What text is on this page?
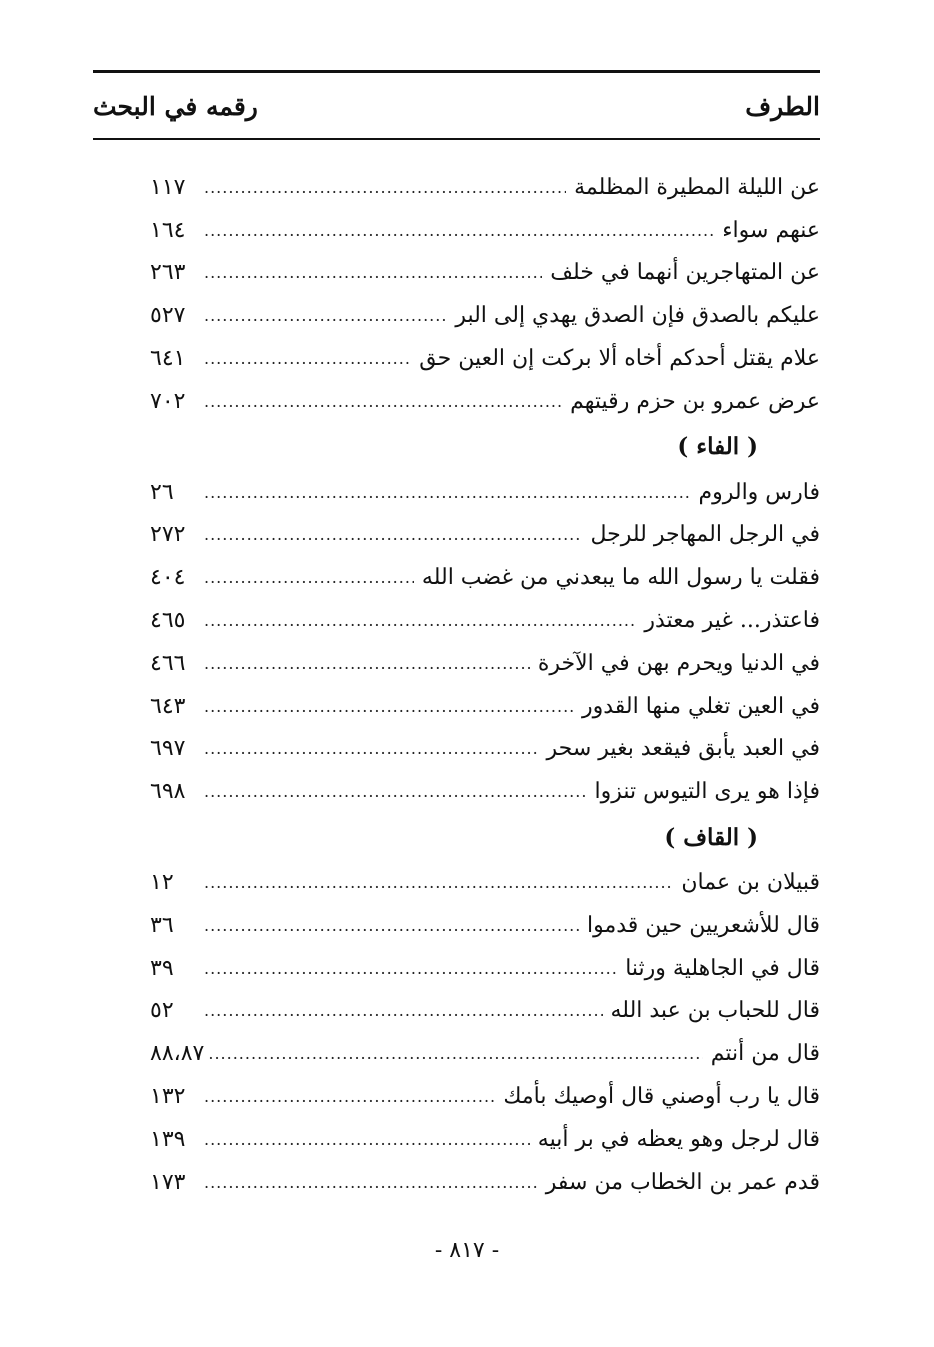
الطرف
رقمه في البحث
عن الليلة المطيرة المظلمة
.....
١١٧
عنهم سواء
.....
١٦٤
عن المتهاجرين أنهما في خلف
.....
٢٦٣
عليكم بالصدق فإن الصدق يهدي إلى البر
.....
٥٢٧
علام يقتل أحدكم أخاه ألا بركت إن العين حق
.....
٦٤١
عرض عمرو بن حزم رقيتهم
.....
٧٠٢
( الفاء )
فارس والروم
.....
٢٦
في الرجل المهاجر للرجل
.....
٢٧٢
فقلت يا رسول الله ما يبعدني من غضب الله
.....
٤٠٤
فاعتذر... غير معتذر
.....
٤٦٥
في الدنيا ويحرم بهن في الآخرة
.....
٤٦٦
في العين تغلي منها القدور
.....
٦٤٣
في العبد يأبق فيقعد بغير سحر
.....
٦٩٧
فإذا هو يرى التيوس تنزوا
.....
٦٩٨
( القاف )
قبيلان بن عمان
.....
١٢
قال للأشعريين حين قدموا
.....
٣٦
قال في الجاهلية ورثنا
.....
٣٩
قال للحباب بن عبد الله
.....
٥٢
قال من أنتم
.....
٨٨،٨٧
قال يا رب أوصني قال أوصيك بأمك
.....
١٣٢
قال لرجل وهو يعظه في بر أبيه
.....
١٣٩
قدم عمر بن الخطاب من سفر
.....
١٧٣
- ٨١٧ -
